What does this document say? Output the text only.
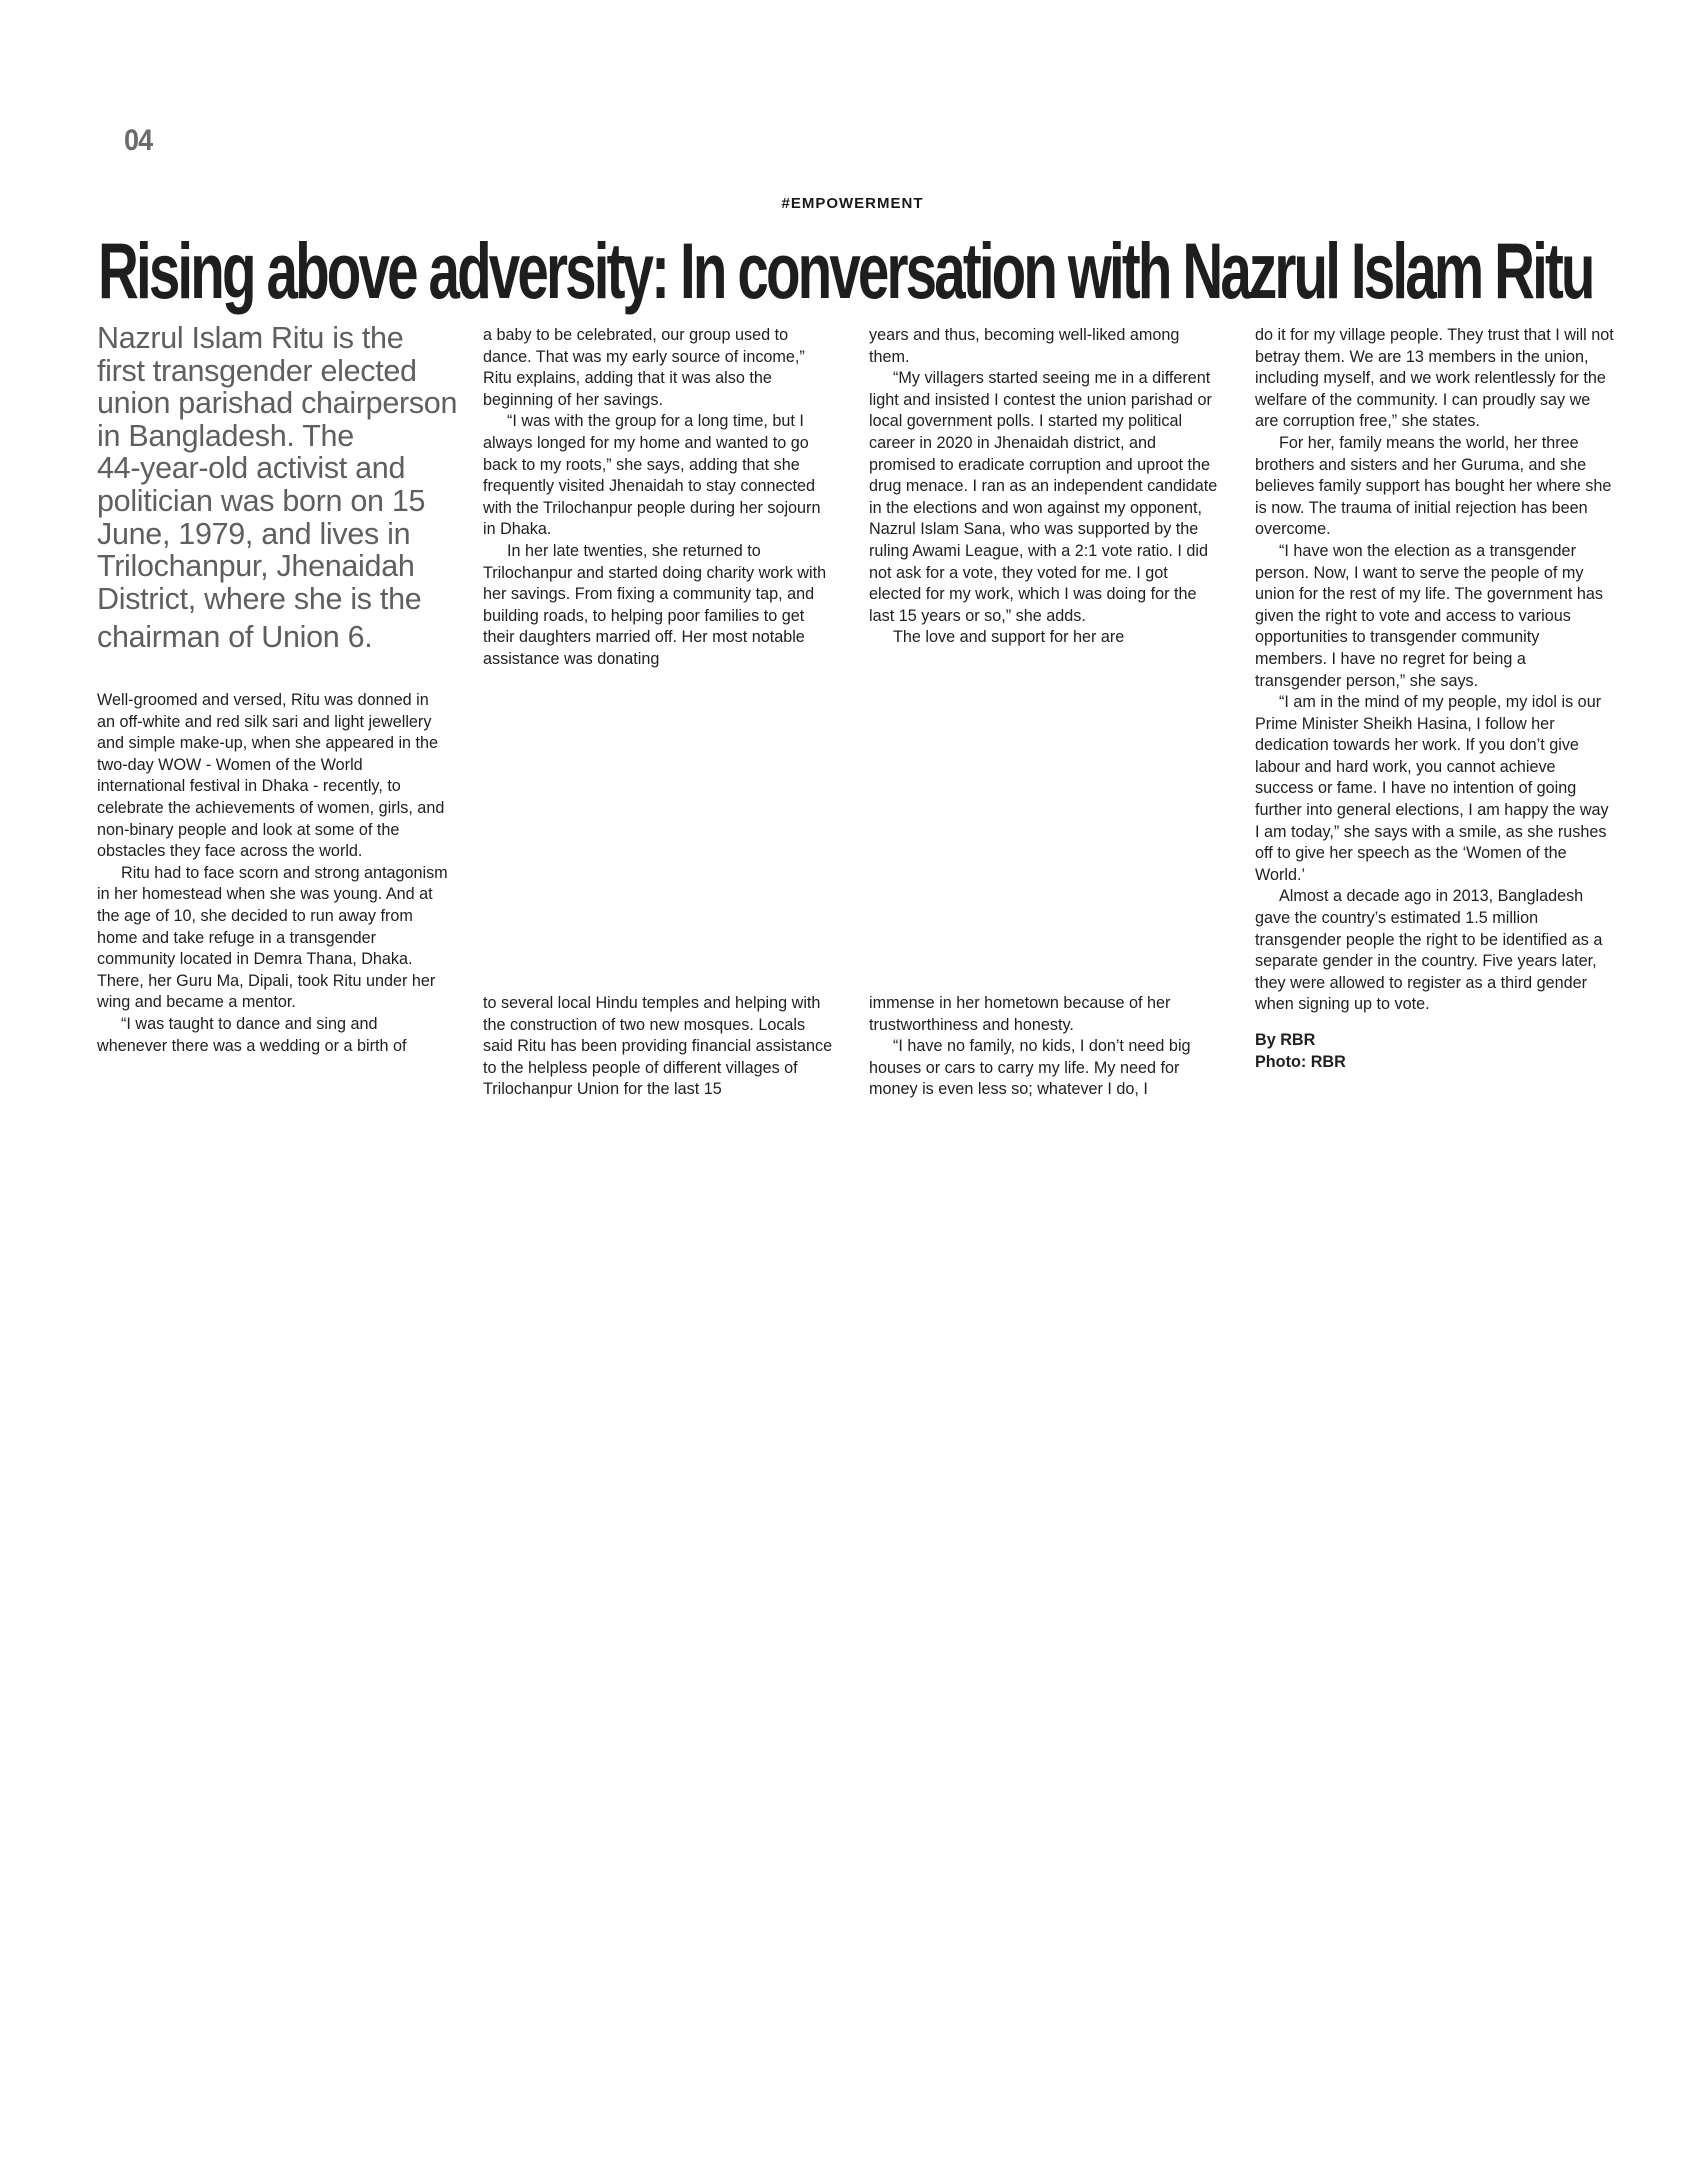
04
#EMPOWERMENT
Rising above adversity: In conversation with Nazrul Islam Ritu
Nazrul Islam Ritu is the
first transgender elected
union parishad chairperson
in Bangladesh. The
44-year-old activist and
politician was born on 15
June, 1979, and lives in
Trilochanpur, Jhenaidah
District, where she is the
chairman of Union 6.

Well-groomed and versed, Ritu was donned in an off-white and red silk sari and light jewellery and simple make-up, when she appeared in the two-day WOW - Women of the World international festival in Dhaka - recently, to celebrate the achievements of women, girls, and non-binary people and look at some of the obstacles they face across the world.

Ritu had to face scorn and strong antagonism in her homestead when she was young. And at the age of 10, she decided to run away from home and take refuge in a transgender community located in Demra Thana, Dhaka. There, her Guru Ma, Dipali, took Ritu under her wing and became a mentor.

“I was taught to dance and sing and whenever there was a wedding or a birth of

a baby to be celebrated, our group used to dance. That was my early source of income,” Ritu explains, adding that it was also the beginning of her savings.

“I was with the group for a long time, but I always longed for my home and wanted to go back to my roots,” she says, adding that she frequently visited Jhenaidah to stay connected with the Trilochanpur people during her sojourn in Dhaka.

In her late twenties, she returned to Trilochanpur and started doing charity work with her savings. From fixing a community tap, and building roads, to helping poor families to get their daughters married off. Her most notable assistance was donating

to several local Hindu temples and helping with the construction of two new mosques. Locals said Ritu has been providing financial assistance to the helpless people of different villages of Trilochanpur Union for the last 15

years and thus, becoming well-liked among them.

“My villagers started seeing me in a different light and insisted I contest the union parishad or local government polls. I started my political career in 2020 in Jhenaidah district, and promised to eradicate corruption and uproot the drug menace. I ran as an independent candidate in the elections and won against my opponent, Nazrul Islam Sana, who was supported by the ruling Awami League, with a 2:1 vote ratio. I did not ask for a vote, they voted for me. I got elected for my work, which I was doing for the last 15 years or so,” she adds.

The love and support for her are

immense in her hometown because of her trustworthiness and honesty.

“I have no family, no kids, I don’t need big houses or cars to carry my life. My need for money is even less so; whatever I do, I

do it for my village people. They trust that I will not betray them. We are 13 members in the union, including myself, and we work relentlessly for the welfare of the community. I can proudly say we are corruption free,” she states.

For her, family means the world, her three brothers and sisters and her Guruma, and she believes family support has bought her where she is now. The trauma of initial rejection has been overcome.

“I have won the election as a transgender person. Now, I want to serve the people of my union for the rest of my life. The government has given the right to vote and access to various opportunities to transgender community members. I have no regret for being a transgender person,” she says.

“I am in the mind of my people, my idol is our Prime Minister Sheikh Hasina, I follow her dedication towards her work. If you don’t give labour and hard work, you cannot achieve success or fame. I have no intention of going further into general elections, I am happy the way I am today,” she says with a smile, as she rushes off to give her speech as the ‘Women of the World.’

Almost a decade ago in 2013, Bangladesh gave the country’s estimated 1.5 million transgender people the right to be identified as a separate gender in the country. Five years later, they were allowed to register as a third gender when signing up to vote.

By RBR
Photo: RBR
